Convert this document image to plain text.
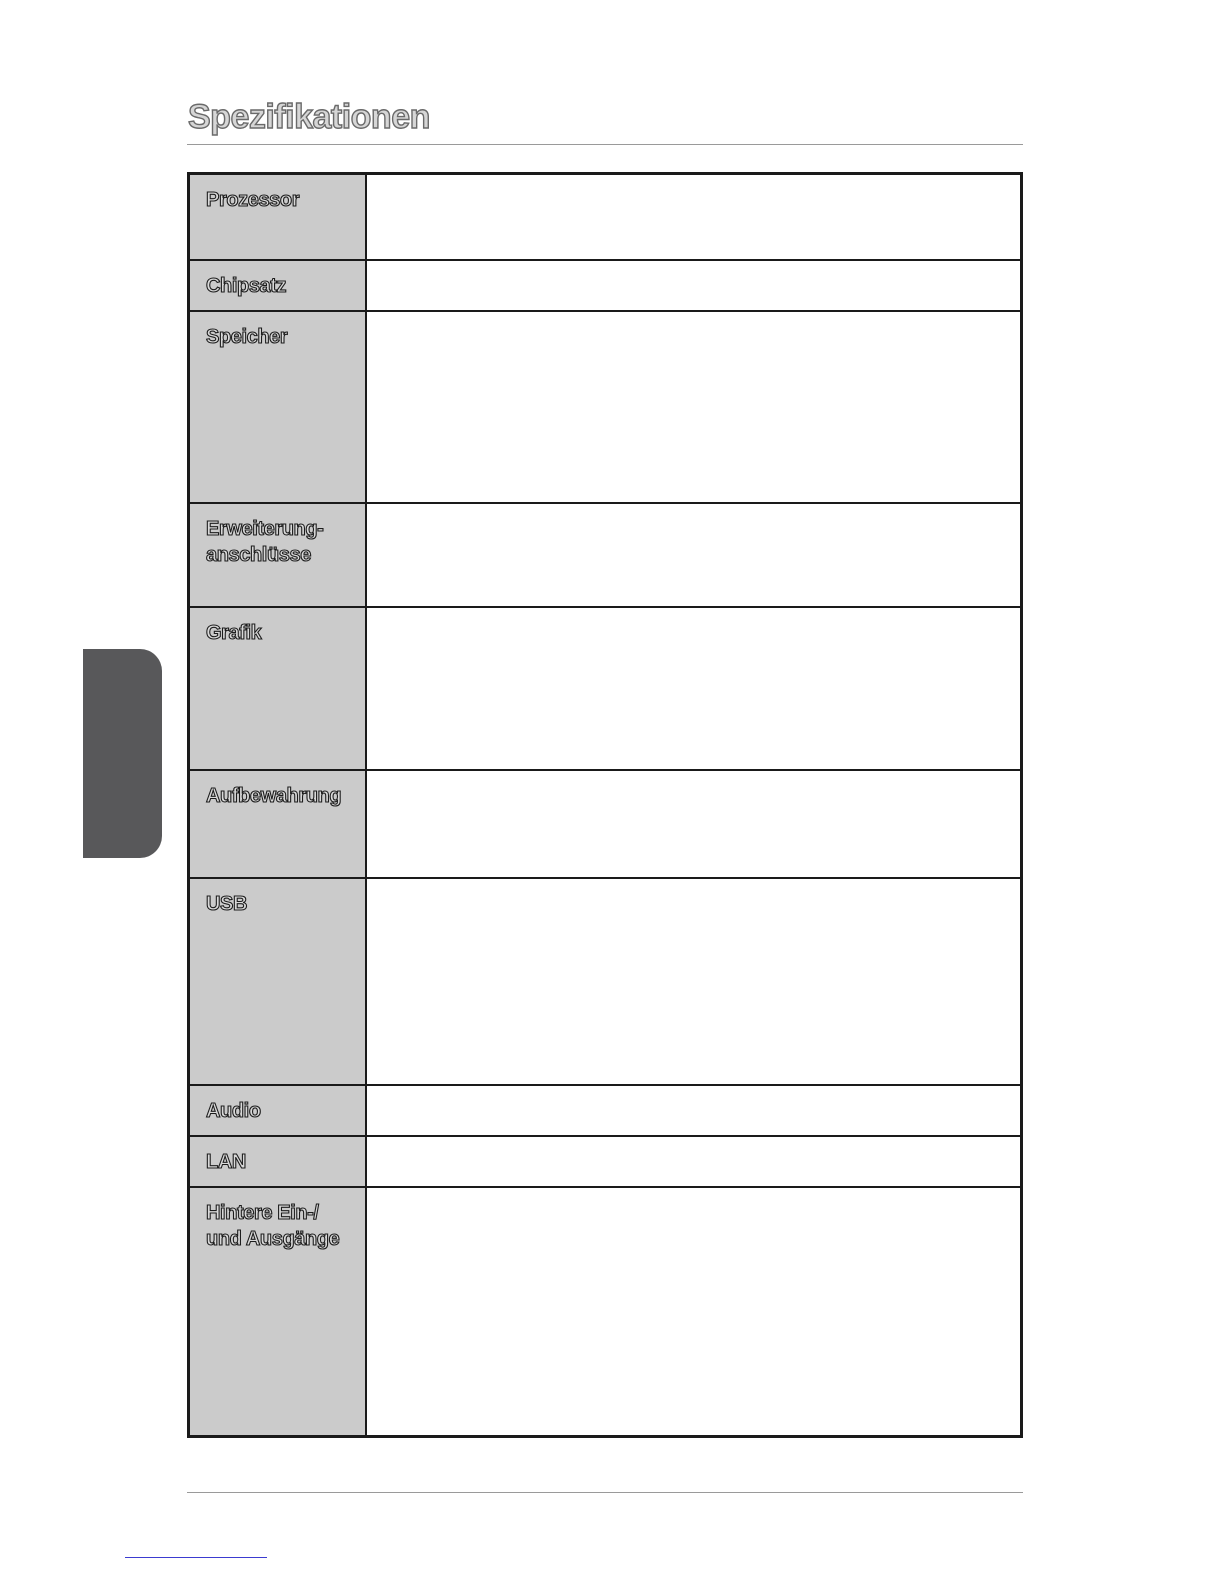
Spezifikationen
Prozessor	

Chipsatz	

Speicher	

Erweiterung-
anschlüsse	

Grafik	

Aufbewahrung	

USB	

Audio	

LAN	

Hintere Ein-/
und Ausgänge	
